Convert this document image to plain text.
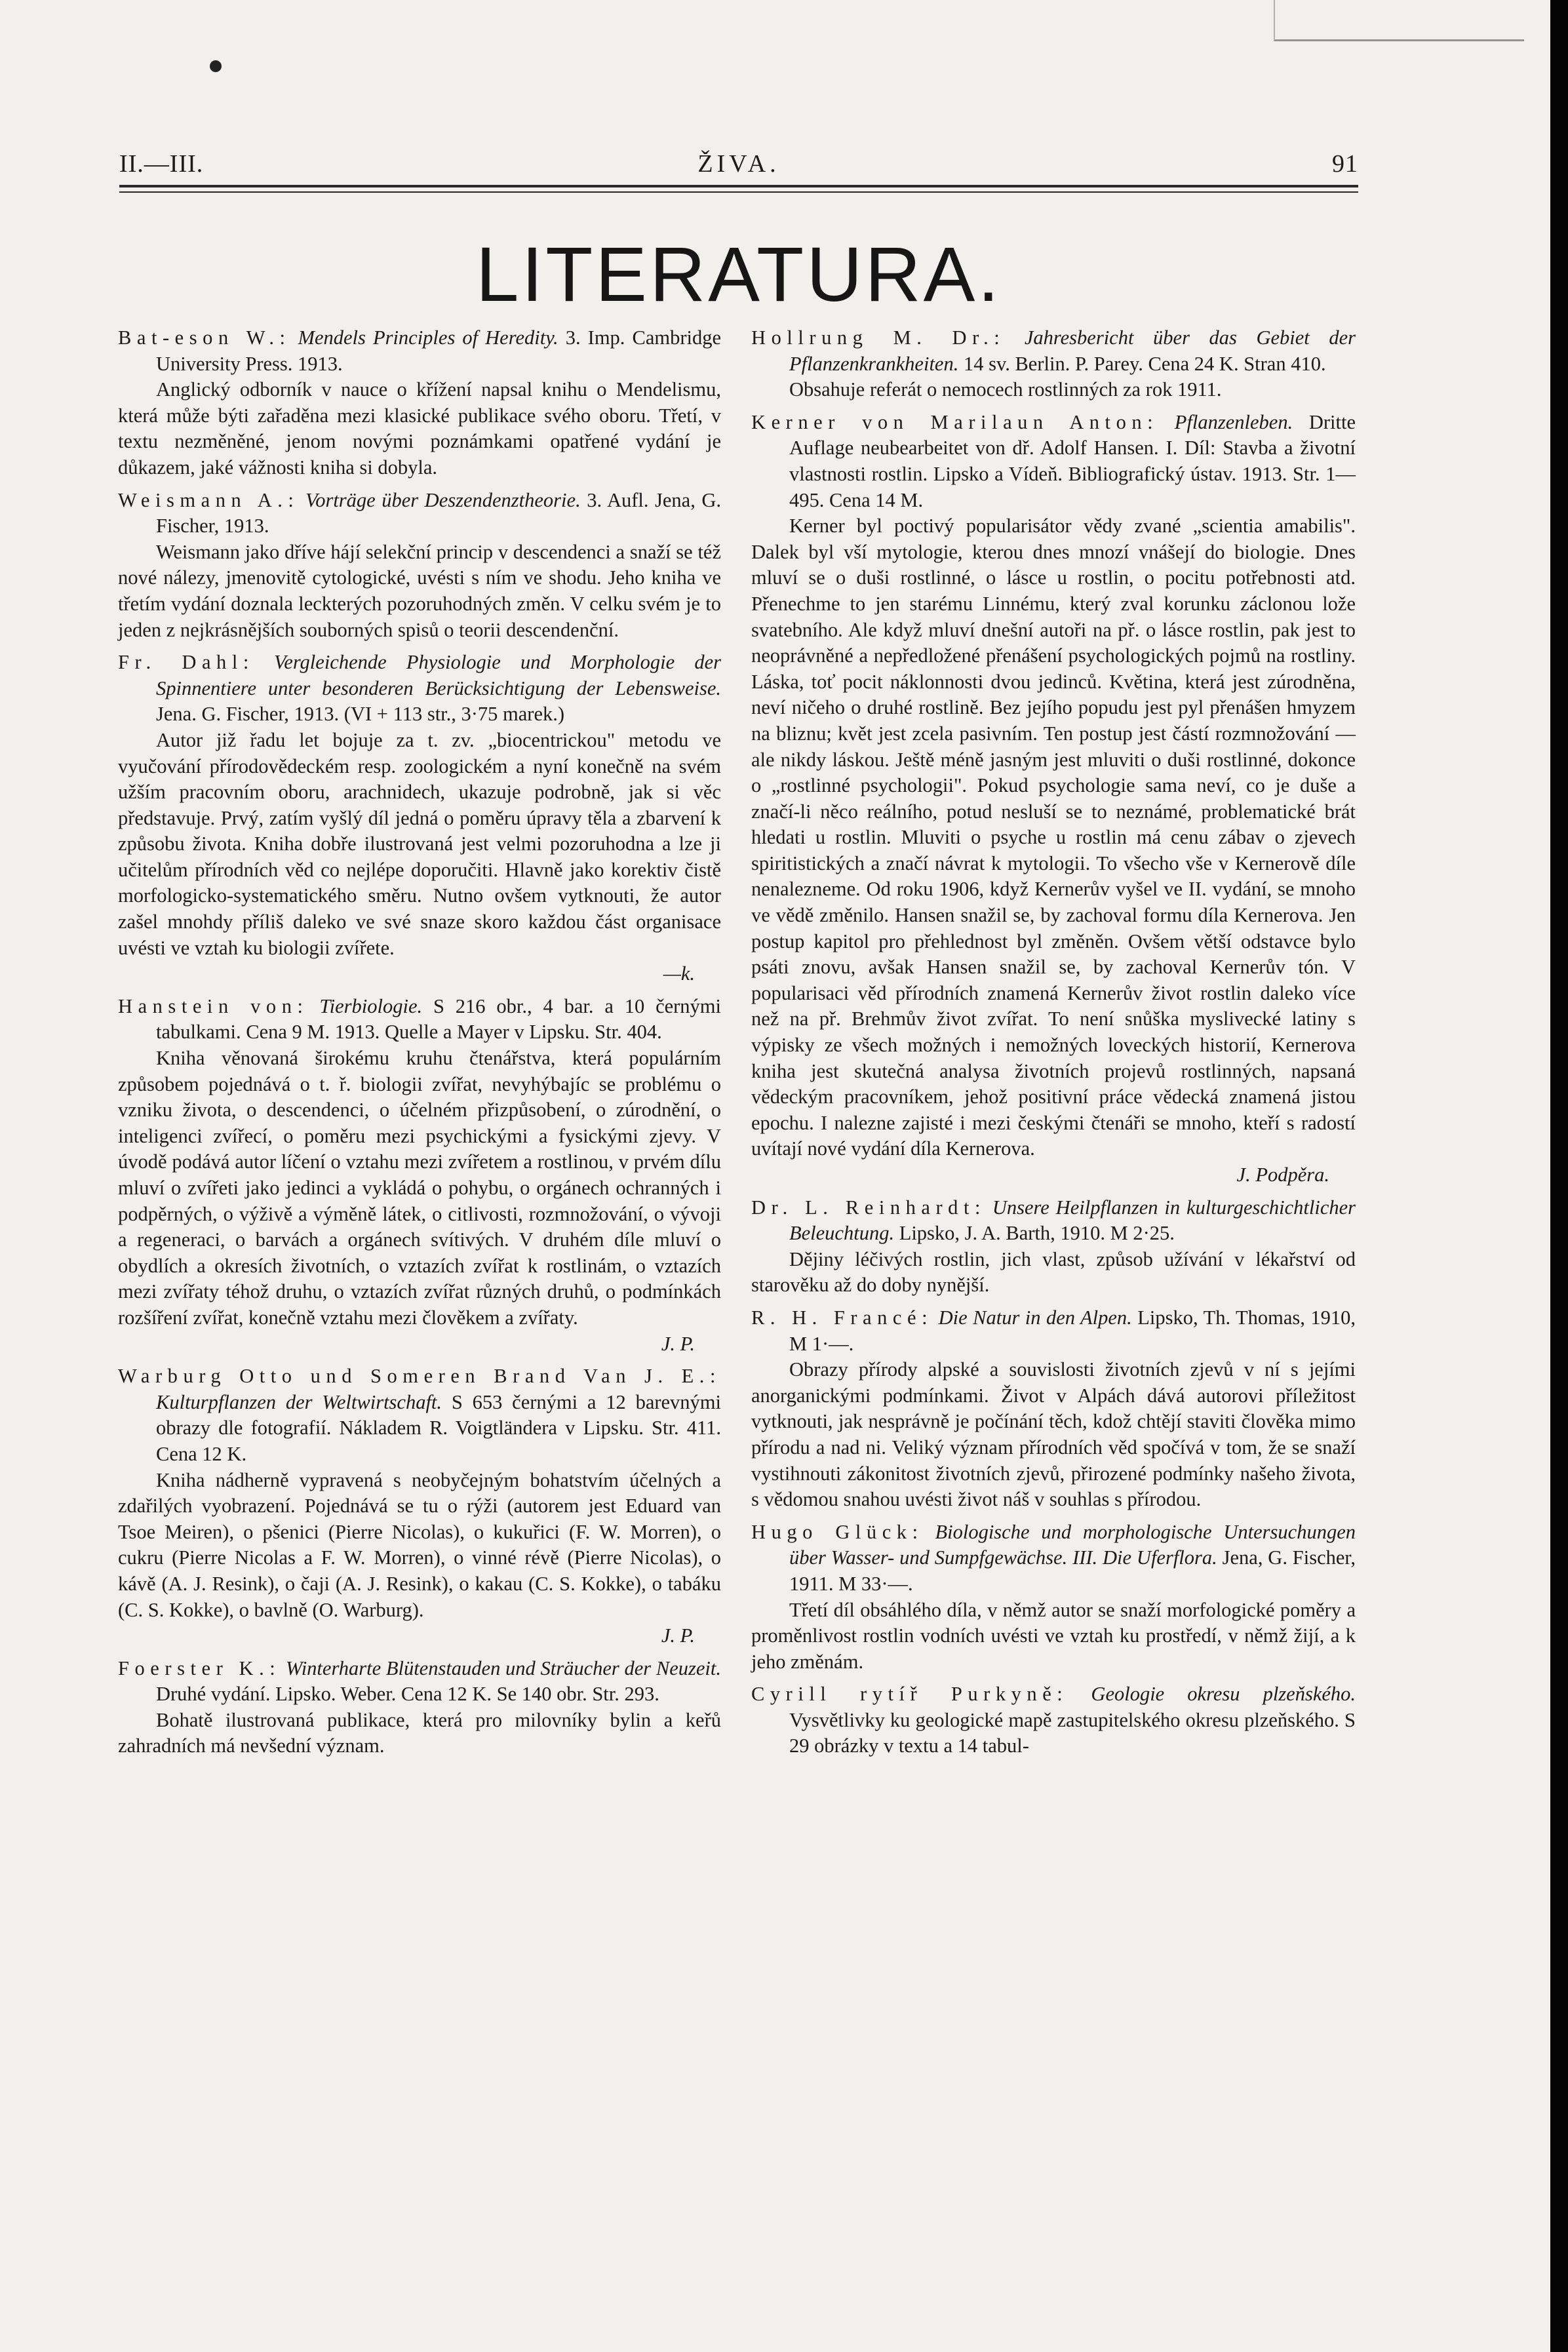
II.—III.	ŽIVA.	91
LITERATURA.

Bat-eson W.: Mendels Principles of Heredity. 3. Imp. Cambridge University Press. 1913.

Anglický odborník v nauce o křížení napsal knihu o Mendelismu, která může býti zařaděna mezi klasické publikace svého oboru. Třetí, v textu nezměněné, jenom novými poznámkami opatřené vydání je důkazem, jaké vážnosti kniha si dobyla.

Weismann A.: Vorträge über Deszendenztheorie. 3. Aufl. Jena, G. Fischer, 1913.

Weismann jako dříve hájí selekční princip v descendenci a snaží se též nové nálezy, jmenovitě cytologické, uvésti s ním ve shodu. Jeho kniha ve třetím vydání doznala leckterých pozoruhodných změn. V celku svém je to jeden z nejkrásnějších souborných spisů o teorii descendenční.

Fr. Dahl: Vergleichende Physiologie und Morphologie der Spinnentiere unter besonderen Berücksichtigung der Lebensweise. Jena. G. Fischer, 1913. (VI + 113 str., 3·75 marek.)

Autor již řadu let bojuje za t. zv. „biocentrickou" metodu ve vyučování přírodovědeckém resp. zoologickém a nyní konečně na svém užším pracovním oboru, arachnidech, ukazuje podrobně, jak si věc představuje. Prvý, zatím vyšlý díl jedná o poměru úpravy těla a zbarvení k způsobu života. Kniha dobře ilustrovaná jest velmi pozoruhodna a lze ji učitelům přírodních věd co nejlépe doporučiti. Hlavně jako korektiv čistě morfologicko-systematického směru. Nutno ovšem vytknouti, že autor zašel mnohdy příliš daleko ve své snaze skoro každou část organisace uvésti ve vztah ku biologii zvířete.

—k.

Hanstein von: Tierbiologie. S 216 obr., 4 bar. a 10 černými tabulkami. Cena 9 M. 1913. Quelle a Mayer v Lipsku. Str. 404.

Kniha věnovaná širokému kruhu čtenářstva, která populárním způsobem pojednává o t. ř. biologii zvířat, nevyhýbajíc se problému o vzniku života, o descendenci, o účelném přizpůsobení, o zúrodnění, o inteligenci zvířecí, o poměru mezi psychickými a fysickými zjevy. V úvodě podává autor líčení o vztahu mezi zvířetem a rostlinou, v prvém dílu mluví o zvířeti jako jedinci a vykládá o pohybu, o orgánech ochranných i podpěrných, o výživě a výměně látek, o citlivosti, rozmnožování, o vývoji a regeneraci, o barvách a orgánech svítivých. V druhém díle mluví o obydlích a okresích životních, o vztazích zvířat k rostlinám, o vztazích mezi zvířaty téhož druhu, o vztazích zvířat různých druhů, o podmínkách rozšíření zvířat, konečně vztahu mezi člověkem a zvířaty.

J. P.

Warburg Otto und Someren Brand Van J. E.: Kulturpflanzen der Weltwirtschaft. S 653 černými a 12 barevnými obrazy dle fotografií. Nákladem R. Voigtländera v Lipsku. Str. 411. Cena 12 K.

Kniha nádherně vypravená s neobyčejným bohatstvím účelných a zdařilých vyobrazení. Pojednává se tu o rýži (autorem jest Eduard van Tsoe Meiren), o pšenici (Pierre Nicolas), o kukuřici (F. W. Morren), o cukru (Pierre Nicolas a F. W. Morren), o vinné révě (Pierre Nicolas), o kávě (A. J. Resink), o čaji (A. J. Resink), o kakau (C. S. Kokke), o tabáku (C. S. Kokke), o bavlně (O. Warburg).

J. P.

Foerster K.: Winterharte Blütenstauden und Sträucher der Neuzeit. Druhé vydání. Lipsko. Weber. Cena 12 K. Se 140 obr. Str. 293.

Bohatě ilustrovaná publikace, která pro milovníky bylin a keřů zahradních má nevšední význam.

Hollrung M. Dr.: Jahresbericht über das Gebiet der Pflanzenkrankheiten. 14 sv. Berlin. P. Parey. Cena 24 K. Stran 410.

Obsahuje referát o nemocech rostlinných za rok 1911.

Kerner von Marilaun Anton: Pflanzenleben. Dritte Auflage neubearbeitet von dř. Adolf Hansen. I. Díl: Stavba a životní vlastnosti rostlin. Lipsko a Vídeň. Bibliografický ústav. 1913. Str. 1—495. Cena 14 M.

Kerner byl poctivý popularisátor vědy zvané „scientia amabilis". Dalek byl vší mytologie, kterou dnes mnozí vnášejí do biologie. Dnes mluví se o duši rostlinné, o lásce u rostlin, o pocitu potřebnosti atd. Přenechme to jen starému Linnému, který zval korunku záclonou lože svatebního. Ale když mluví dnešní autoři na př. o lásce rostlin, pak jest to neoprávněné a nepředložené přenášení psychologických pojmů na rostliny. Láska, toť pocit náklonnosti dvou jedinců. Květina, která jest zúrodněna, neví ničeho o druhé rostlině. Bez jejího popudu jest pyl přenášen hmyzem na bliznu; květ jest zcela pasivním. Ten postup jest částí rozmnožování — ale nikdy láskou. Ještě méně jasným jest mluviti o duši rostlinné, dokonce o „rostlinné psychologii". Pokud psychologie sama neví, co je duše a značí-li něco reálního, potud nesluší se to neznámé, problematické brát hledati u rostlin. Mluviti o psyche u rostlin má cenu zábav o zjevech spiritistických a značí návrat k mytologii. To všecho vše v Kernerově díle nenalezneme. Od roku 1906, když Kernerův vyšel ve II. vydání, se mnoho ve vědě změnilo. Hansen snažil se, by zachoval formu díla Kernerova. Jen postup kapitol pro přehlednost byl změněn. Ovšem větší odstavce bylo psáti znovu, avšak Hansen snažil se, by zachoval Kernerův tón. V popularisaci věd přírodních znamená Kernerův život rostlin daleko více než na př. Brehmův život zvířat. To není snůška myslivecké latiny s výpisky ze všech možných i nemožných loveckých historií, Kernerova kniha jest skutečná analysa životních projevů rostlinných, napsaná vědeckým pracovníkem, jehož positivní práce vědecká znamená jistou epochu. I nalezne zajisté i mezi českými čtenáři se mnoho, kteří s radostí uvítají nové vydání díla Kernerova.

J. Podpěra.

Dr. L. Reinhardt: Unsere Heilpflanzen in kulturgeschichtlicher Beleuchtung. Lipsko, J. A. Barth, 1910. M 2·25.

Dějiny léčivých rostlin, jich vlast, způsob užívání v lékařství od starověku až do doby nynější.

R. H. Francé: Die Natur in den Alpen. Lipsko, Th. Thomas, 1910, M 1·—.

Obrazy přírody alpské a souvislosti životních zjevů v ní s jejími anorganickými podmínkami. Život v Alpách dává autorovi příležitost vytknouti, jak nesprávně je počínání těch, kdož chtějí staviti člověka mimo přírodu a nad ni. Veliký význam přírodních věd spočívá v tom, že se snaží vystihnouti zákonitost životních zjevů, přirozené podmínky našeho života, s vědomou snahou uvésti život náš v souhlas s přírodou.

Hugo Glück: Biologische und morphologische Untersuchungen über Wasser- und Sumpfgewächse. III. Die Uferflora. Jena, G. Fischer, 1911. M 33·—.

Třetí díl obsáhlého díla, v němž autor se snaží morfologické poměry a proměnlivost rostlin vodních uvésti ve vztah ku prostředí, v němž žijí, a k jeho změnám.

Cyrill rytíř Purkyně: Geologie okresu plzeňského. Vysvětlivky ku geologické mapě zastupitelského okresu plzeňského. S 29 obrázky v textu a 14 tabul-
